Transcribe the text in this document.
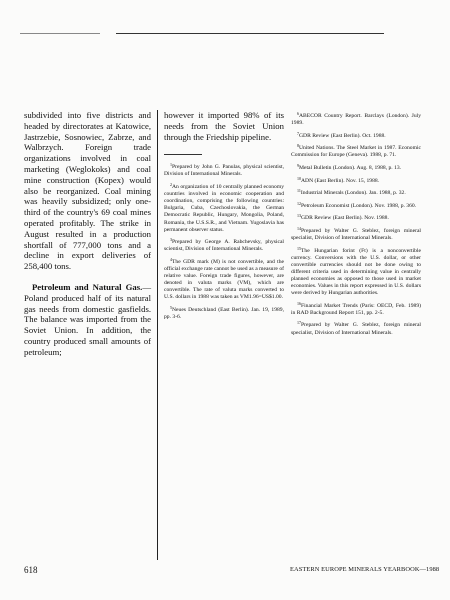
subdivided into five districts and headed by directorates at Katowice, Jastrzebie, Sosnowiec, Zabrze, and Walbrzych. Foreign trade organizations involved in coal marketing (Weglokoks) and coal mine construction (Kopex) would also be reorganized. Coal mining was heavily subsidized; only one-third of the country's 69 coal mines operated profitably. The strike in August resulted in a production shortfall of 777,000 tons and a decline in export deliveries of 258,400 tons.

Petroleum and Natural Gas.—Poland produced half of its natural gas needs from domestic gasfields. The balance was imported from the Soviet Union. In addition, the country produced small amounts of petroleum;

however it imported 98% of its needs from the Soviet Union through the Friedship pipeline.

$^1$Prepared by John G. Panulas, physical scientist, Division of International Minerals.

$^2$An organization of 10 centrally planned economy countries involved in economic cooperation and coordination, comprising the following countries: Bulgaria, Cuba, Czechoslovakia, the German Democratic Republic, Hungary, Mongolia, Poland, Romania, the U.S.S.R., and Vietnam. Yugoslavia has permanent observer status.

$^3$Prepared by George A. Rabchevsky, physical scientist, Division of International Minerals.

$^4$The GDR mark (M) is not convertible, and the official exchange rate cannot be used as a measure of relative value. Foreign trade figures, however, are denoted in valuta marks (VM), which are convertible. The rate of valuta marks converted to U.S. dollars in 1988 was taken as VM1.96=US$1.00.

$^5$Neues Deutschland (East Berlin). Jan. 19, 1989, pp. 3-6.

$^6$ABECOR Country Report. Barclays (London). July 1989.

$^7$GDR Review (East Berlin). Oct. 1988.

$^8$United Nations. The Steel Market in 1987. Economic Commission for Europe (Geneva). 1988, p. 71.

$^9$Metal Bulletin (London). Aug. 8, 1988, p. 13.

$^{10}$ADN (East Berlin). Nov. 15, 1988.

$^{11}$Industrial Minerals (London). Jan. 1988, p. 32.

$^{12}$Petroleum Economist (London). Nov. 1988, p. 360.

$^{13}$GDR Review (East Berlin). Nov. 1988.

$^{14}$Prepared by Walter G. Steblez, foreign mineral specialist, Division of International Minerals.

$^{15}$The Hungarian forint (Ft) is a nonconvertible currency. Conversions with the U.S. dollar, or other convertible currencies should not be done owing to different criteria used in determining value in centrally planned economies as opposed to those used in market economies. Values in this report expressed in U.S. dollars were derived by Hungarian authorities.

$^{16}$Financial Market Trends (Paris: OECD, Feb. 1989) in RAD Background Report 151, pp. 2-5.

$^{17}$Prepared by Walter G. Steblez, foreign mineral specialist, Division of International Minerals.

618	EASTERN EUROPE MINERALS YEARBOOK—1988
